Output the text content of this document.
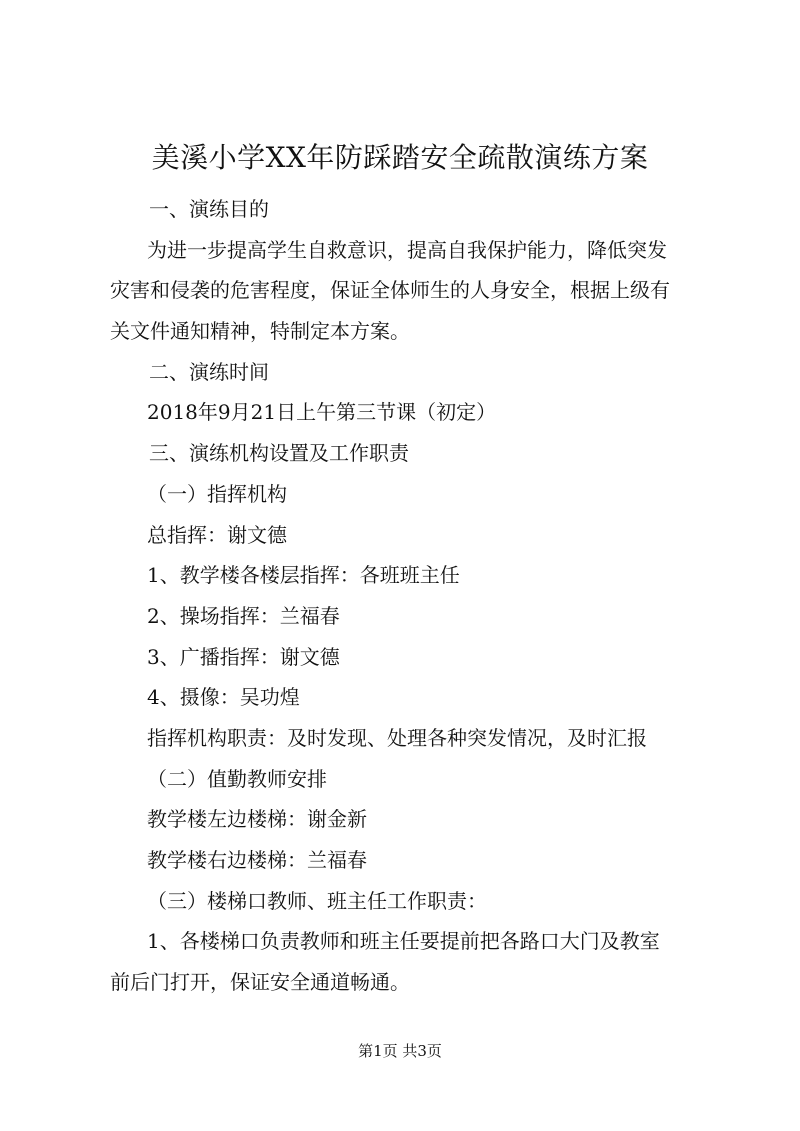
美溪小学XX年防踩踏安全疏散演练方案
一、演练目的
为进一步提高学生自救意识，提高自我保护能力，降低突发
灾害和侵袭的危害程度，保证全体师生的人身安全，根据上级有
关文件通知精神，特制定本方案。
二、演练时间
2018年9月21日上午第三节课（初定）
三、演练机构设置及工作职责
（一）指挥机构
总指挥：谢文德
1、教学楼各楼层指挥：各班班主任
2、操场指挥：兰福春
3、广播指挥：谢文德
4、摄像：吴功煌
指挥机构职责：及时发现、处理各种突发情况，及时汇报
（二）值勤教师安排
教学楼左边楼梯：谢金新
教学楼右边楼梯：兰福春
（三）楼梯口教师、班主任工作职责：
1、各楼梯口负责教师和班主任要提前把各路口大门及教室
前后门打开，保证安全通道畅通。
第1页 共3页
